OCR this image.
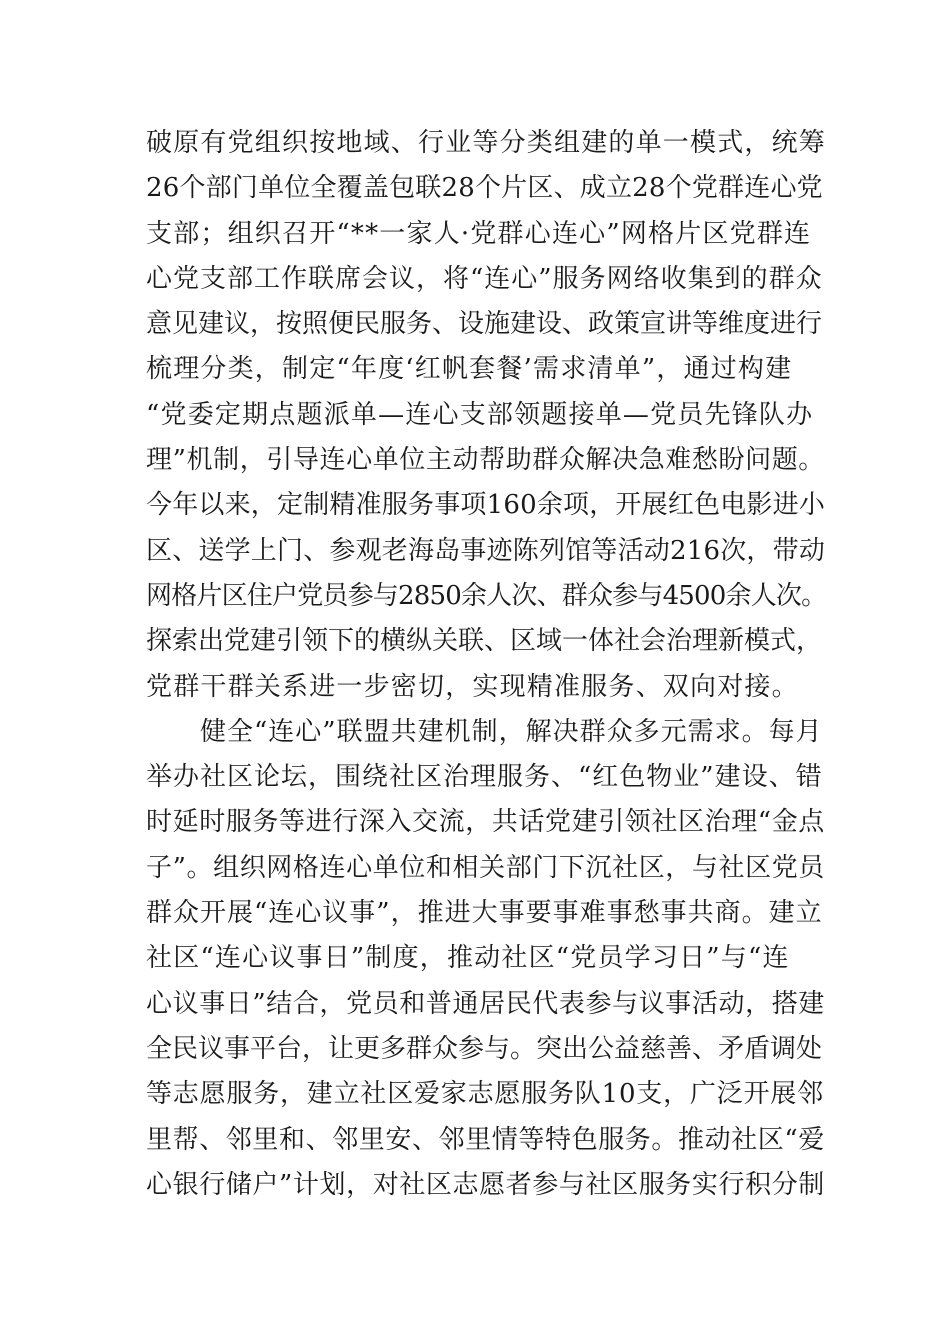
破原有党组织按地域、行业等分类组建的单一模式，统筹
26个部门单位全覆盖包联28个片区、成立28个党群连心党
支部；组织召开“**一家人·党群心连心”网格片区党群连
心党支部工作联席会议，将“连心”服务网络收集到的群众
意见建议，按照便民服务、设施建设、政策宣讲等维度进行
梳理分类，制定“年度‘红帆套餐’需求清单”，通过构建
“党委定期点题派单—连心支部领题接单—党员先锋队办
理”机制，引导连心单位主动帮助群众解决急难愁盼问题。
今年以来，定制精准服务事项160余项，开展红色电影进小
区、送学上门、参观老海岛事迹陈列馆等活动216次，带动
网格片区住户党员参与2850余人次、群众参与4500余人次。
探索出党建引领下的横纵关联、区域一体社会治理新模式，
党群干群关系进一步密切，实现精准服务、双向对接。
　　健全“连心”联盟共建机制，解决群众多元需求。每月
举办社区论坛，围绕社区治理服务、“红色物业”建设、错
时延时服务等进行深入交流，共话党建引领社区治理“金点
子”。组织网格连心单位和相关部门下沉社区，与社区党员
群众开展“连心议事”，推进大事要事难事愁事共商。建立
社区“连心议事日”制度，推动社区“党员学习日”与“连
心议事日”结合，党员和普通居民代表参与议事活动，搭建
全民议事平台，让更多群众参与。突出公益慈善、矛盾调处
等志愿服务，建立社区爱家志愿服务队10支，广泛开展邻
里帮、邻里和、邻里安、邻里情等特色服务。推动社区“爱
心银行储户”计划，对社区志愿者参与社区服务实行积分制
